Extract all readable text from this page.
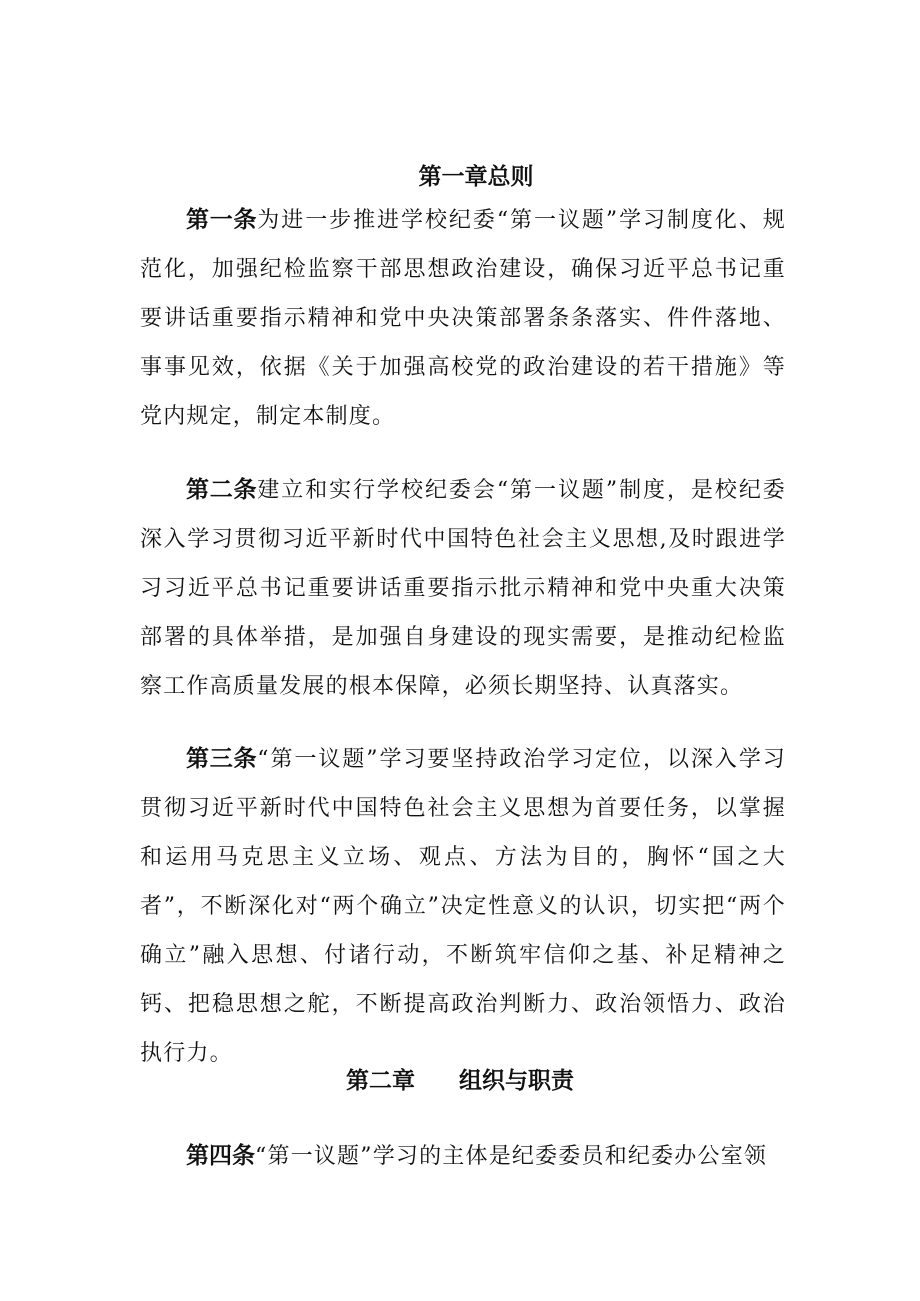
第一章总则

第一条为进一步推进学校纪委“第一议题”学习制度化、规范化，加强纪检监察干部思想政治建设，确保习近平总书记重要讲话重要指示精神和党中央决策部署条条落实、件件落地、事事见效，依据《关于加强高校党的政治建设的若干措施》等党内规定，制定本制度。

第二条建立和实行学校纪委会“第一议题”制度，是校纪委深入学习贯彻习近平新时代中国特色社会主义思想,及时跟进学习习近平总书记重要讲话重要指示批示精神和党中央重大决策部署的具体举措，是加强自身建设的现实需要，是推动纪检监察工作高质量发展的根本保障，必须长期坚持、认真落实。

第三条“第一议题”学习要坚持政治学习定位，以深入学习贯彻习近平新时代中国特色社会主义思想为首要任务，以掌握和运用马克思主义立场、观点、方法为目的，胸怀“国之大者”，不断深化对“两个确立”决定性意义的认识，切实把“两个确立”融入思想、付诸行动，不断筑牢信仰之基、补足精神之钙、把稳思想之舵，不断提高政治判断力、政治领悟力、政治执行力。

第二章 组织与职责

第四条“第一议题”学习的主体是纪委委员和纪委办公室领
